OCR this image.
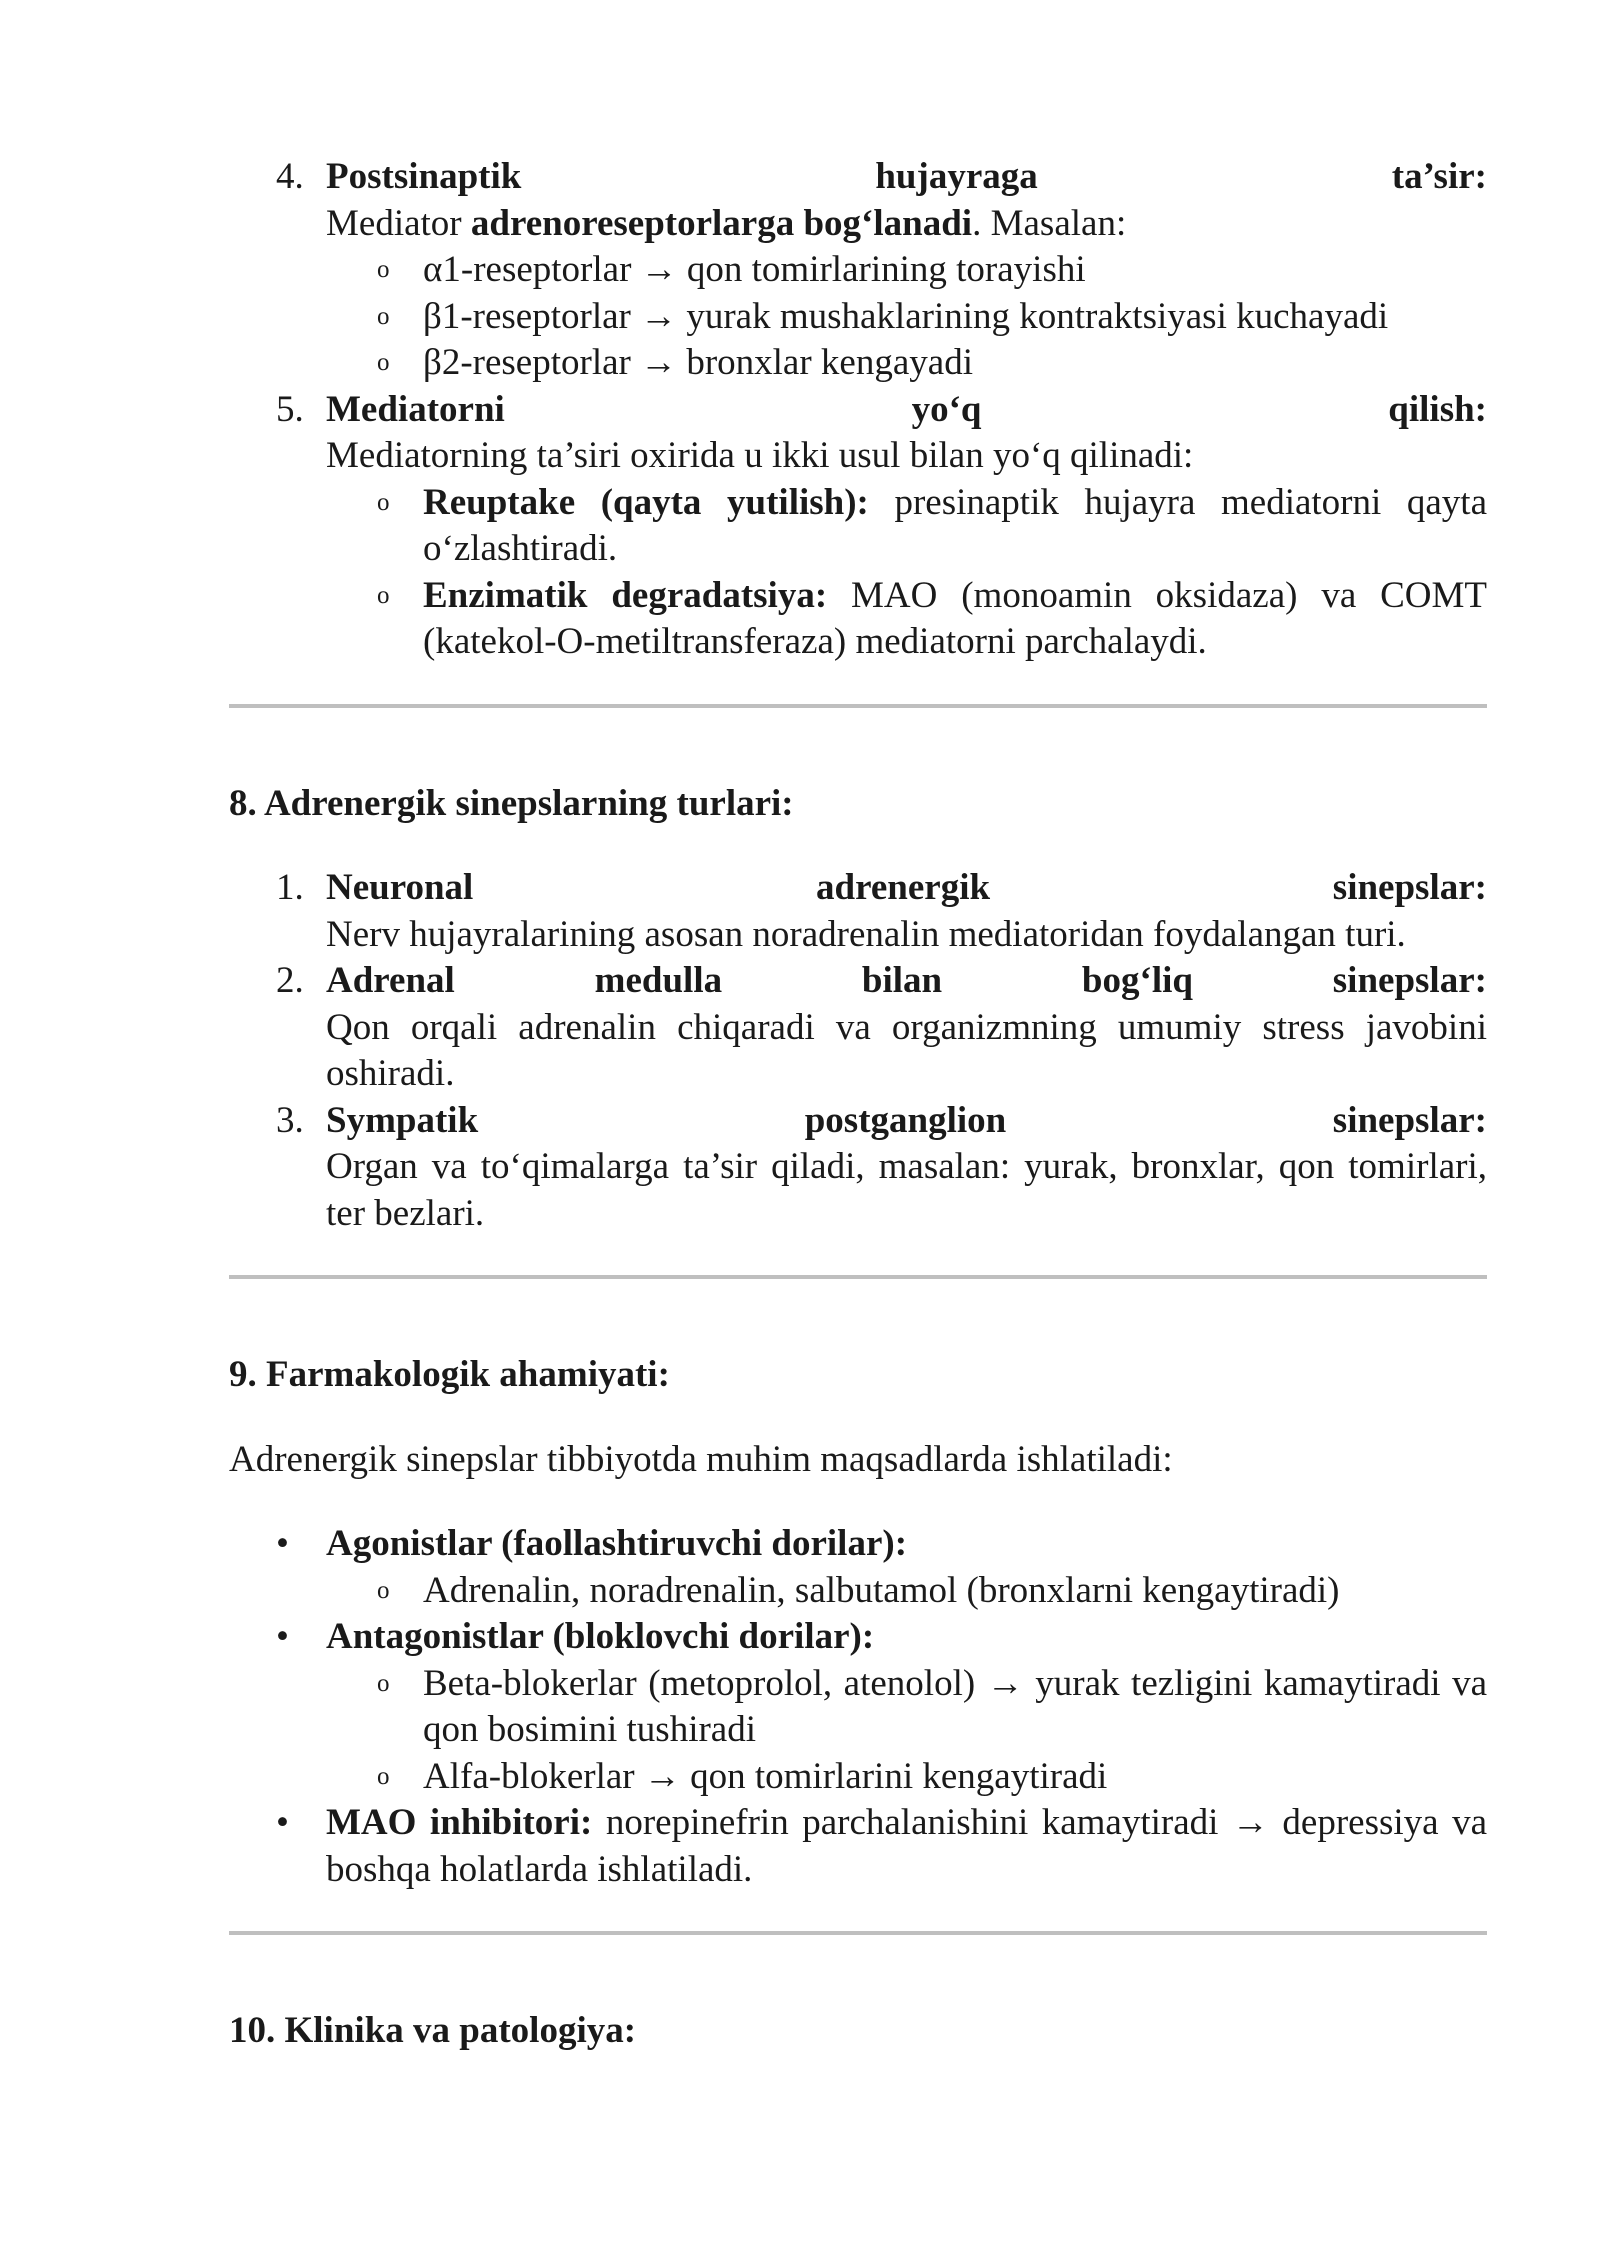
4. Postsinaptik	hujayraga	ta’sir:
Mediator adrenoreseptorlarga bog‘lanadi. Masalan:
o α1-reseptorlar → qon tomirlarining torayishi
o β1-reseptorlar → yurak mushaklarining kontraktsiyasi kuchayadi
o β2-reseptorlar → bronxlar kengayadi
5. Mediatorni	yo‘q	qilish:
Mediatorning ta’siri oxirida u ikki usul bilan yo‘q qilinadi:
o Reuptake (qayta yutilish): presinaptik hujayra mediatorni qayta o‘zlashtiradi.
o Enzimatik degradatsiya: MAO (monoamin oksidaza) va COMT (katekol-O-metiltransferaza) mediatorni parchalaydi.

8. Adrenergik sinepslarning turlari:

1. Neuronal	adrenergik	sinepslar:
Nerv hujayralarining asosan noradrenalin mediatoridan foydalangan turi.
2. Adrenal	medulla	bilan	bog‘liq	sinepslar:
Qon orqali adrenalin chiqaradi va organizmning umumiy stress javobini oshiradi.
3. Sympatik	postganglion	sinepslar:
Organ va to‘qimalarga ta’sir qiladi, masalan: yurak, bronxlar, qon tomirlari, ter bezlari.

9. Farmakologik ahamiyati:

Adrenergik sinepslar tibbiyotda muhim maqsadlarda ishlatiladi:

• Agonistlar (faollashtiruvchi dorilar):
o Adrenalin, noradrenalin, salbutamol (bronxlarni kengaytiradi)
• Antagonistlar (bloklovchi dorilar):
o Beta-blokerlar (metoprolol, atenolol) → yurak tezligini kamaytiradi va qon bosimini tushiradi
o Alfa-blokerlar → qon tomirlarini kengaytiradi
• MAO inhibitori: norepinefrin parchalanishini kamaytiradi → depressiya va boshqa holatlarda ishlatiladi.

10. Klinika va patologiya:
